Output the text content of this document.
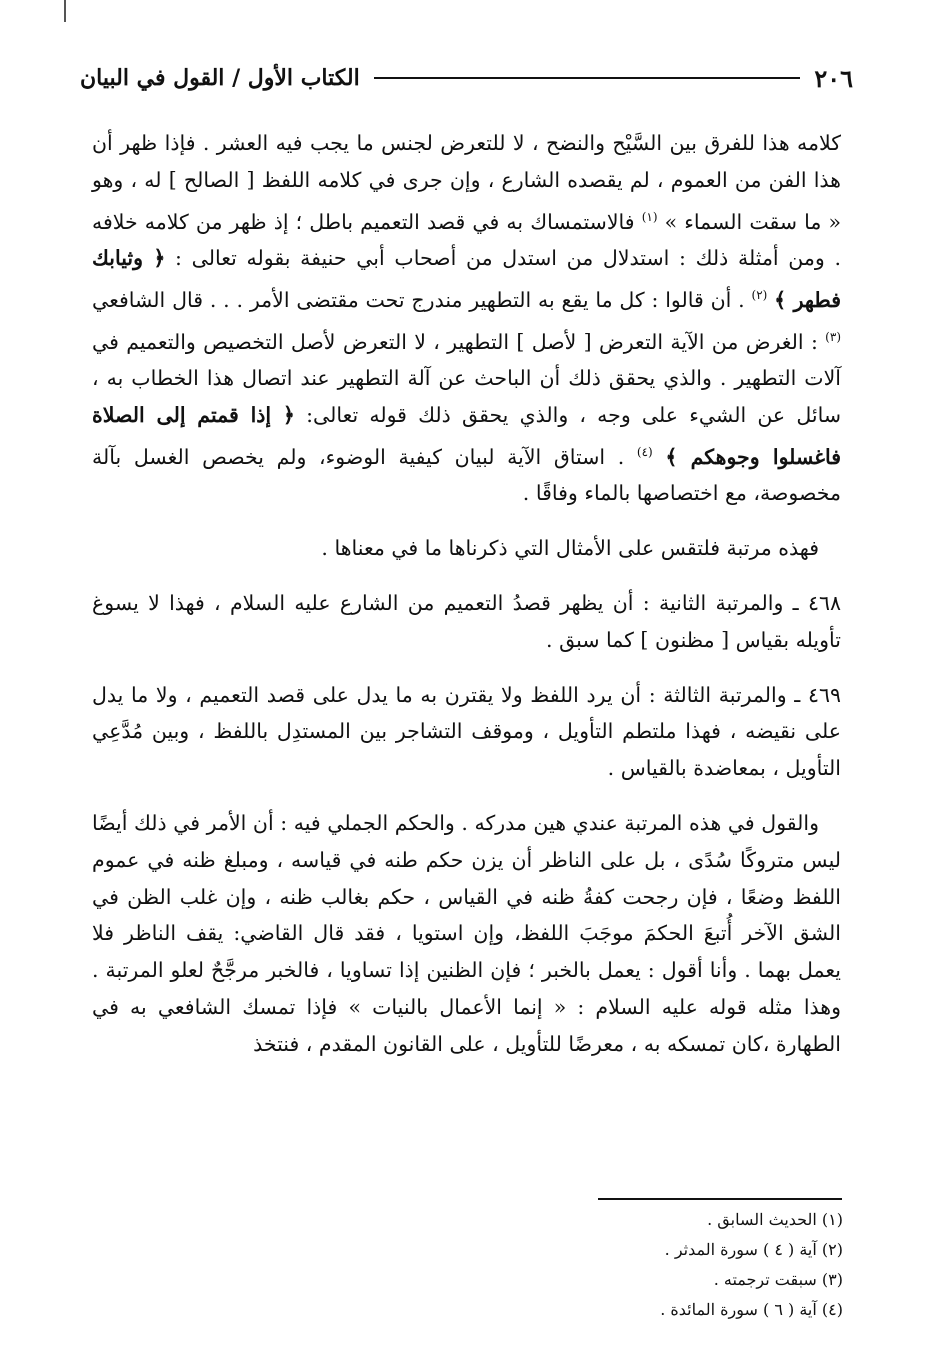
٢٠٦
الكتاب الأول / القول في البيان

كلامه هذا للفرق بين السَّيْح والنضح ، لا للتعرض لجنس ما يجب فيه العشر . فإذا ظهر أن هذا الفن من العموم ، لم يقصده الشارع ، وإن جرى في كلامه اللفظ [ الصالح ] له ، وهو « ما سقت السماء » $^{(١)}$ فالاستمساك به في قصد التعميم باطل ؛ إذ ظهر من كلامه خلافه . ومن أمثلة ذلك : استدلال من استدل من أصحاب أبي حنيفة بقوله تعالى : ﴿ وثيابك فطهر ﴾ $^{(٢)}$ . أن قالوا : كل ما يقع به التطهير مندرج تحت مقتضى الأمر . . . قال الشافعي $^{(٣)}$ : الغرض من الآية التعرض [ لأصل ] التطهير ، لا التعرض لأصل التخصيص والتعميم في آلات التطهير . والذي يحقق ذلك أن الباحث عن آلة التطهير عند اتصال هذا الخطاب به ، سائل عن الشيء على وجه ، والذي يحقق ذلك قوله تعالى: ﴿ إذا قمتم إلى الصلاة فاغسلوا وجوهكم ﴾ $^{(٤)}$ . استاق الآية لبيان كيفية الوضوء، ولم يخصص الغسل بآلة مخصوصة، مع اختصاصها بالماء وفاقًا .

فهذه مرتبة فلتقس على الأمثال التي ذكرناها ما في معناها .

٤٦٨ ـ والمرتبة الثانية : أن يظهر قصدُ التعميم من الشارع عليه السلام ، فهذا لا يسوغ تأويله بقياس [ مظنون ] كما سبق .

٤٦٩ ـ والمرتبة الثالثة : أن يرد اللفظ ولا يقترن به ما يدل على قصد التعميم ، ولا ما يدل على نقيضه ، فهذا ملتطم التأويل ، وموقف التشاجر بين المستدِل باللفظ ، وبين مُدَّعِي التأويل ، بمعاضدة بالقياس .

والقول في هذه المرتبة عندي هين مدركه . والحكم الجملي فيه : أن الأمر في ذلك أيضًا ليس متروكًا سُدًى ، بل على الناظر أن يزن حكم طنه في قياسه ، ومبلغ ظنه في عموم اللفظ وضعًا ، فإن رجحت كفةُ ظنه في القياس ، حكم بغالب ظنه ، وإن غلب الظن في الشق الآخر أُتبعَ الحكمَ موجَبَ اللفظ، وإن استويا ، فقد قال القاضي: يقف الناظر فلا يعمل بهما . وأنا أقول : يعمل بالخبر ؛ فإن الظنين إذا تساويا ، فالخبر مرجَّحٌ لعلو المرتبة . وهذا مثله قوله عليه السلام : « إنما الأعمال بالنيات » فإذا تمسك الشافعي به في الطهارة ،كان تمسكه به ، معرضًا للتأويل ، على القانون المقدم ، فنتخذ

(١) الحديث السابق .
(٢) آية ( ٤ ) سورة المدثر .
(٣) سبقت ترجمته .
(٤) آية ( ٦ ) سورة المائدة .
